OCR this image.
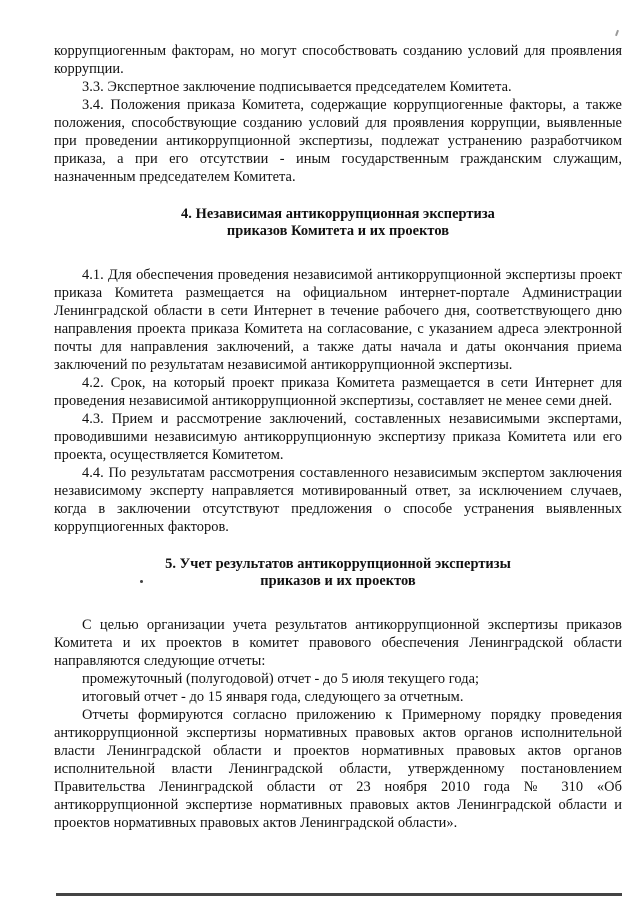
коррупциогенным факторам, но могут способствовать созданию условий для проявления коррупции.

3.3. Экспертное заключение подписывается председателем Комитета.

3.4. Положения приказа Комитета, содержащие коррупциогенные факторы, а также положения, способствующие созданию условий для проявления коррупции, выявленные при проведении антикоррупционной экспертизы, подлежат устранению разработчиком приказа, а при его отсутствии - иным государственным гражданским служащим, назначенным председателем Комитета.

4. Независимая антикоррупционная экспертиза
приказов Комитета и их проектов

4.1. Для обеспечения проведения независимой антикоррупционной экспертизы проект приказа Комитета размещается на официальном интернет-портале Администрации Ленинградской области в сети Интернет в течение рабочего дня, соответствующего дню направления проекта приказа Комитета на согласование, с указанием адреса электронной почты для направления заключений, а также даты начала и даты окончания приема заключений по результатам независимой антикоррупционной экспертизы.

4.2. Срок, на который проект приказа Комитета размещается в сети Интернет для проведения независимой антикоррупционной экспертизы, составляет не менее семи дней.

4.3. Прием и рассмотрение заключений, составленных независимыми экспертами, проводившими независимую антикоррупционную экспертизу приказа Комитета или его проекта, осуществляется Комитетом.

4.4. По результатам рассмотрения составленного независимым экспертом заключения независимому эксперту направляется мотивированный ответ, за исключением случаев, когда в заключении отсутствуют предложения о способе устранения выявленных коррупциогенных факторов.

5. Учет результатов антикоррупционной экспертизы
приказов и их проектов

С целью организации учета результатов антикоррупционной экспертизы приказов Комитета и их проектов в комитет правового обеспечения Ленинградской области направляются следующие отчеты:

промежуточный (полугодовой) отчет - до 5 июля текущего года;

итоговый отчет - до 15 января года, следующего за отчетным.

Отчеты формируются согласно приложению к Примерному порядку проведения антикоррупционной экспертизы нормативных правовых актов органов исполнительной власти Ленинградской области и проектов нормативных правовых актов органов исполнительной власти Ленинградской области, утвержденному постановлением Правительства Ленинградской области от 23 ноября 2010 года № 310 «Об антикоррупционной экспертизе нормативных правовых актов Ленинградской области и проектов нормативных правовых актов Ленинградской области».
